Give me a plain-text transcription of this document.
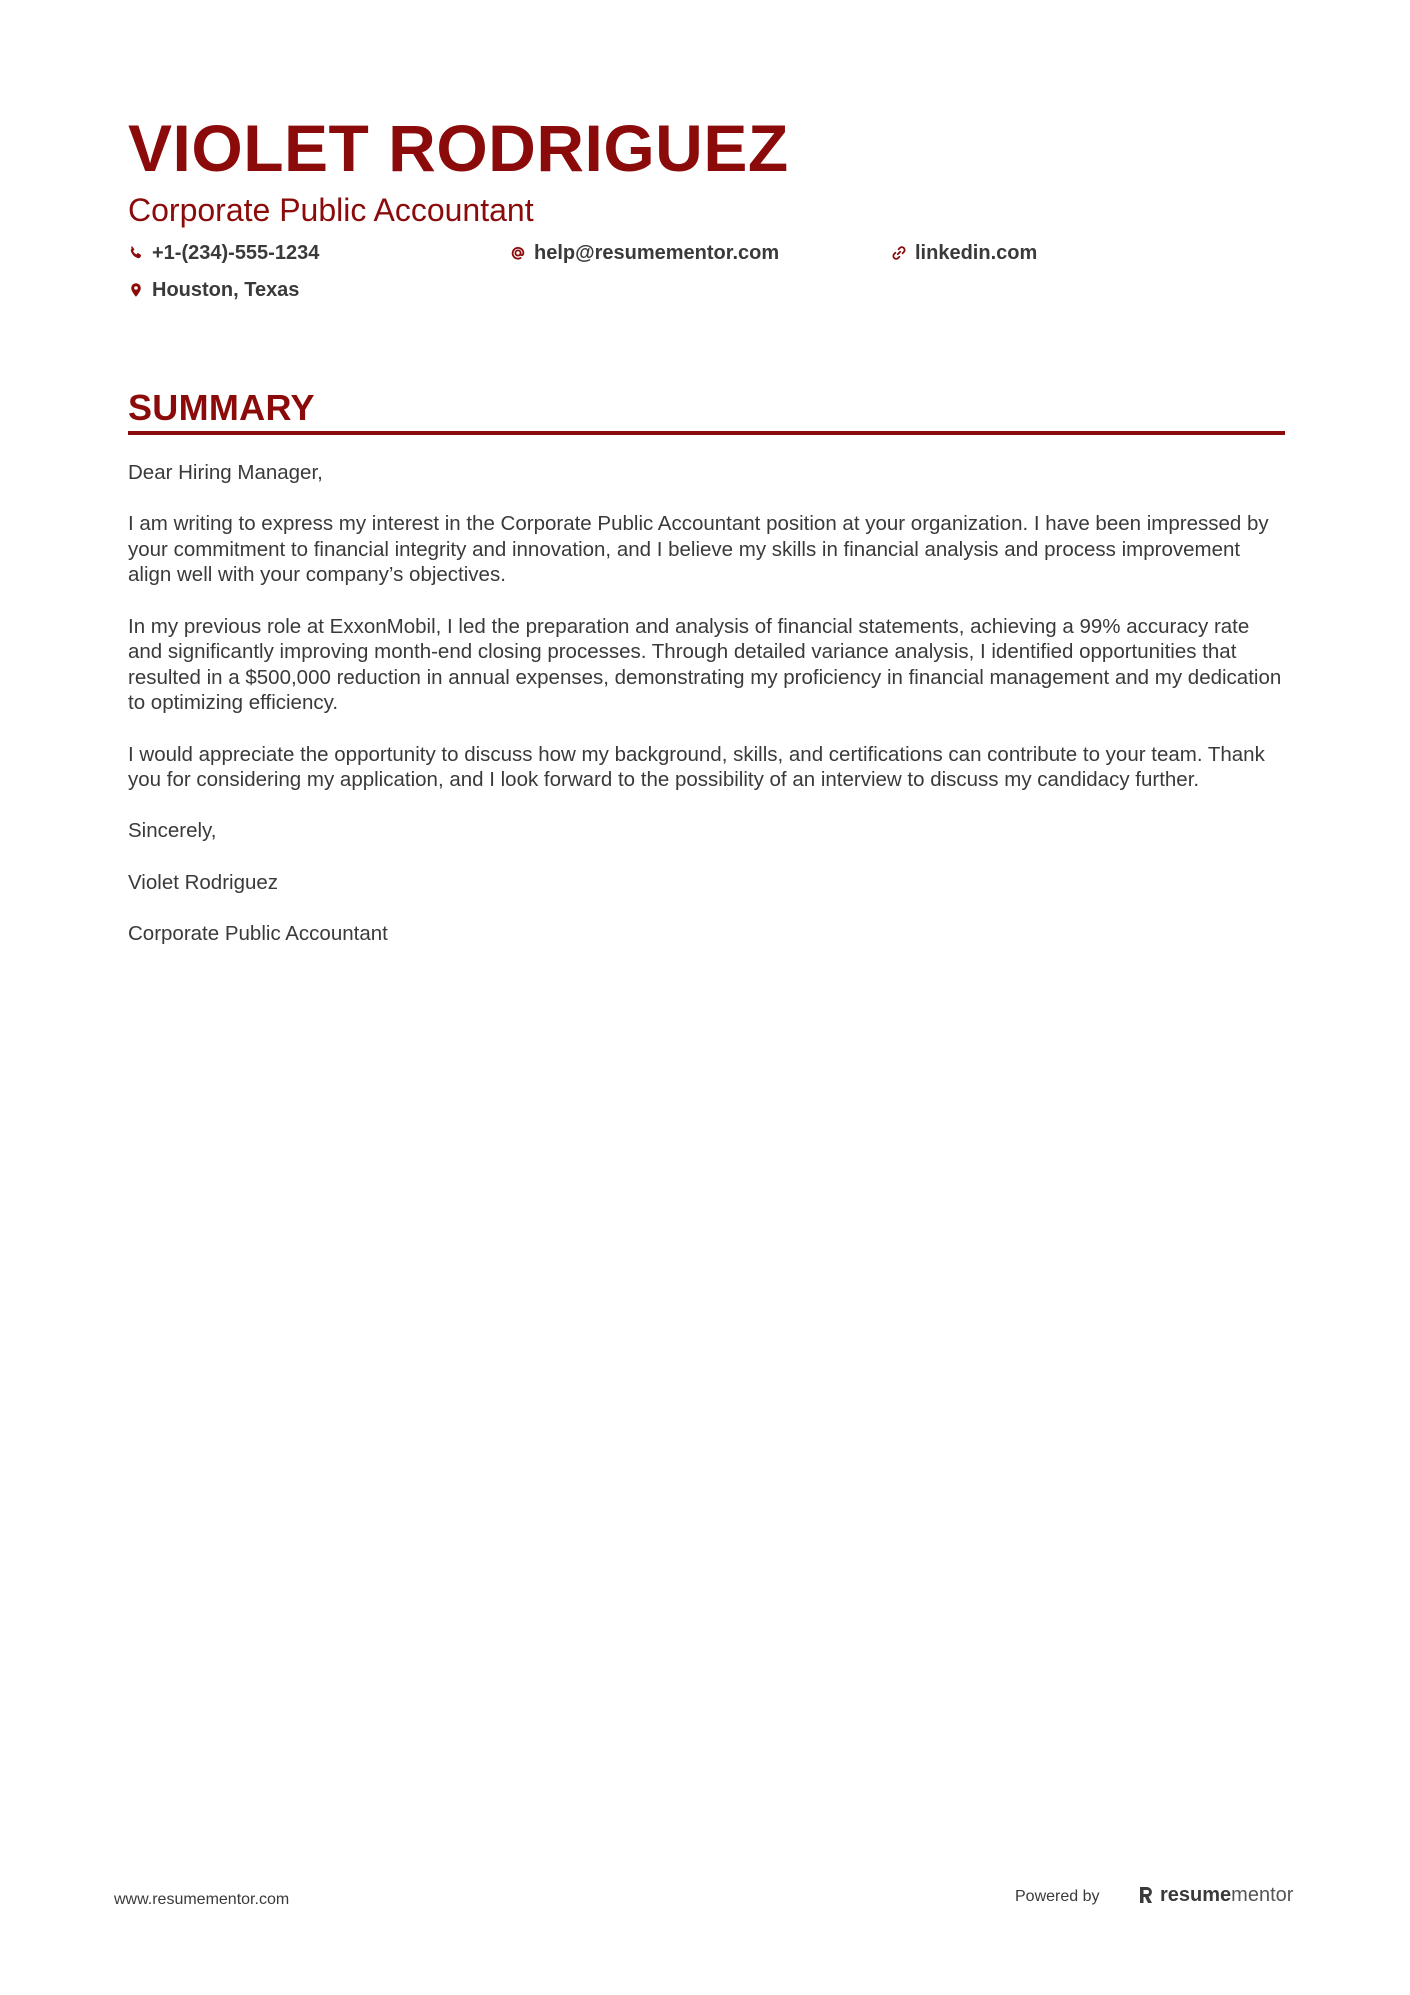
VIOLET RODRIGUEZ
Corporate Public Accountant
+1-(234)-555-1234	help@resumementor.com	linkedin.com
Houston, Texas
SUMMARY

Dear Hiring Manager,

I am writing to express my interest in the Corporate Public Accountant position at your organization. I have been impressed by your commitment to financial integrity and innovation, and I believe my skills in financial analysis and process improvement align well with your company’s objectives.

In my previous role at ExxonMobil, I led the preparation and analysis of financial statements, achieving a 99% accuracy rate and significantly improving month-end closing processes. Through detailed variance analysis, I identified opportunities that resulted in a $500,000 reduction in annual expenses, demonstrating my proficiency in financial management and my dedication to optimizing efficiency.

I would appreciate the opportunity to discuss how my background, skills, and certifications can contribute to your team. Thank you for considering my application, and I look forward to the possibility of an interview to discuss my candidacy further.

Sincerely,

Violet Rodriguez

Corporate Public Accountant

www.resumementor.com	Powered by	resumementor
